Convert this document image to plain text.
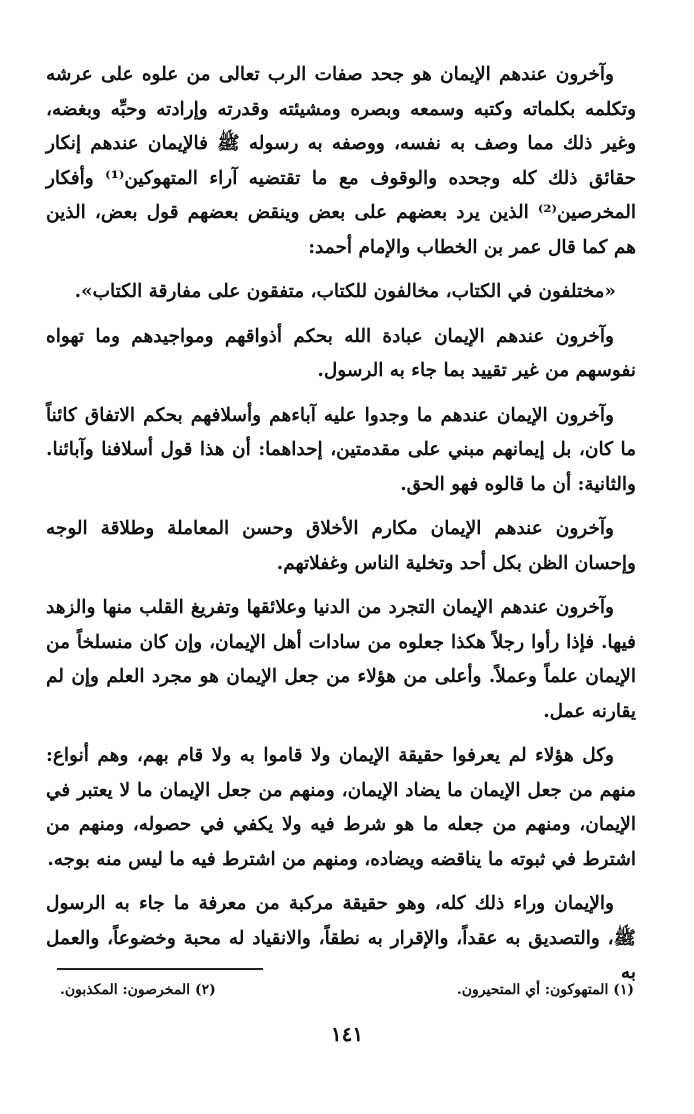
وآخرون عندهم الإيمان هو جحد صفات الرب تعالى من علوه على عرشه وتكلمه بكلماته وكتبه وسمعه وبصره ومشيئته وقدرته وإرادته وحبِّه وبغضه، وغير ذلك مما وصف به نفسه، ووصفه به رسوله ﷺ فالإيمان عندهم إنكار حقائق ذلك كله وجحده والوقوف مع ما تقتضيه آراء المتهوكين⁽¹⁾ وأفكار المخرصين⁽²⁾ الذين يرد بعضهم على بعض وينقض بعضهم قول بعض، الذين هم كما قال عمر بن الخطاب والإمام أحمد:

«مختلفون في الكتاب، مخالفون للكتاب، متفقون على مفارقة الكتاب».

وآخرون عندهم الإيمان عبادة الله بحكم أذواقهم ومواجيدهم وما تهواه نفوسهم من غير تقييد بما جاء به الرسول.

وآخرون الإيمان عندهم ما وجدوا عليه آباءهم وأسلافهم بحكم الاتفاق كائناً ما كان، بل إيمانهم مبني على مقدمتين، إحداهما: أن هذا قول أسلافنا وآبائنا. والثانية: أن ما قالوه فهو الحق.

وآخرون عندهم الإيمان مكارم الأخلاق وحسن المعاملة وطلاقة الوجه وإحسان الظن بكل أحد وتخلية الناس وغفلاتهم.

وآخرون عندهم الإيمان التجرد من الدنيا وعلائقها وتفريغ القلب منها والزهد فيها. فإذا رأوا رجلاً هكذا جعلوه من سادات أهل الإيمان، وإن كان منسلخاً من الإيمان علماً وعملاً. وأعلى من هؤلاء من جعل الإيمان هو مجرد العلم وإن لم يقارنه عمل.

وكل هؤلاء لم يعرفوا حقيقة الإيمان ولا قاموا به ولا قام بهم، وهم أنواع: منهم من جعل الإيمان ما يضاد الإيمان، ومنهم من جعل الإيمان ما لا يعتبر في الإيمان، ومنهم من جعله ما هو شرط فيه ولا يكفي في حصوله، ومنهم من اشترط في ثبوته ما يناقضه ويضاده، ومنهم من اشترط فيه ما ليس منه بوجه.

والإيمان وراء ذلك كله، وهو حقيقة مركبة من معرفة ما جاء به الرسول ﷺ، والتصديق به عقداً، والإقرار به نطقاً، والانقياد له محبة وخضوعاً، والعمل به

(١) المتهوكون: أي المتحيرون.
(٢) المخرصون: المكذبون.
١٤١
